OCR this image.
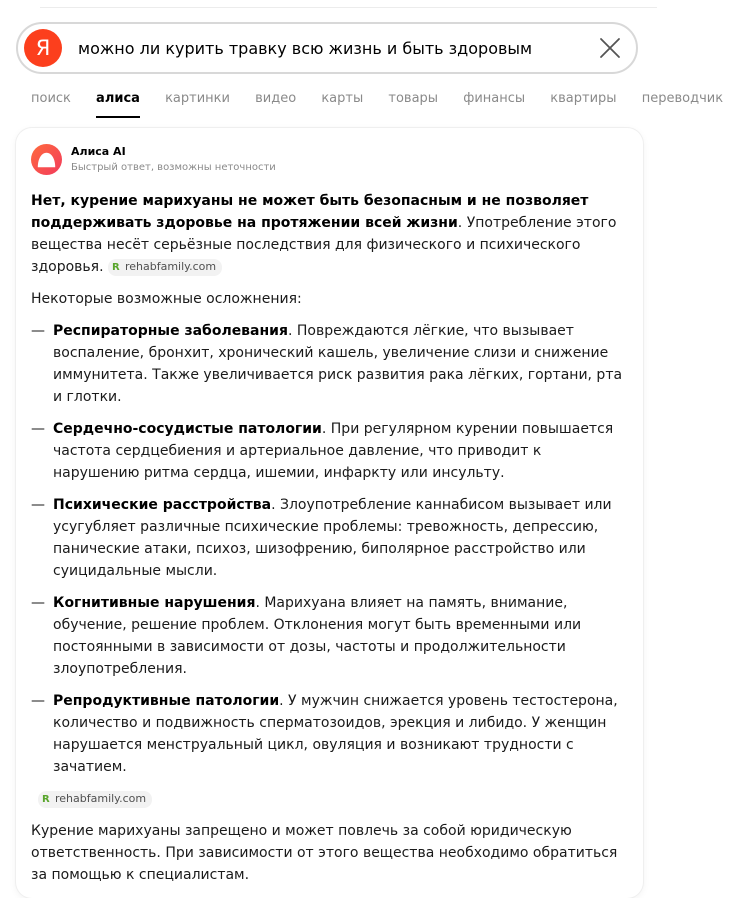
Я
можно ли курить травку всю жизнь и быть здоровым
поиск алиса картинки видео карты товары финансы квартиры переводчик
Алиса AI
Быстрый ответ, возможны неточности

Нет, курение марихуаны не может быть безопасным и не позволяет поддерживать здоровье на протяжении всей жизни. Употребление этого вещества несёт серьёзные последствия для физического и психического здоровья. R rehabfamily.com

Некоторые возможные осложнения:

— Респираторные заболевания. Повреждаются лёгкие, что вызывает воспаление, бронхит, хронический кашель, увеличение слизи и снижение иммунитета. Также увеличивается риск развития рака лёгких, гортани, рта и глотки.
— Сердечно-сосудистые патологии. При регулярном курении повышается частота сердцебиения и артериальное давление, что приводит к нарушению ритма сердца, ишемии, инфаркту или инсульту.
— Психические расстройства. Злоупотребление каннабисом вызывает или усугубляет различные психические проблемы: тревожность, депрессию, панические атаки, психоз, шизофрению, биполярное расстройство или суицидальные мысли.
— Когнитивные нарушения. Марихуана влияет на память, внимание, обучение, решение проблем. Отклонения могут быть временными или постоянными в зависимости от дозы, частоты и продолжительности злоупотребления.
— Репродуктивные патологии. У мужчин снижается уровень тестостерона, количество и подвижность сперматозоидов, эрекция и либидо. У женщин нарушается менструальный цикл, овуляция и возникают трудности с зачатием.
R rehabfamily.com

Курение марихуаны запрещено и может повлечь за собой юридическую ответственность. При зависимости от этого вещества необходимо обратиться за помощью к специалистам.
